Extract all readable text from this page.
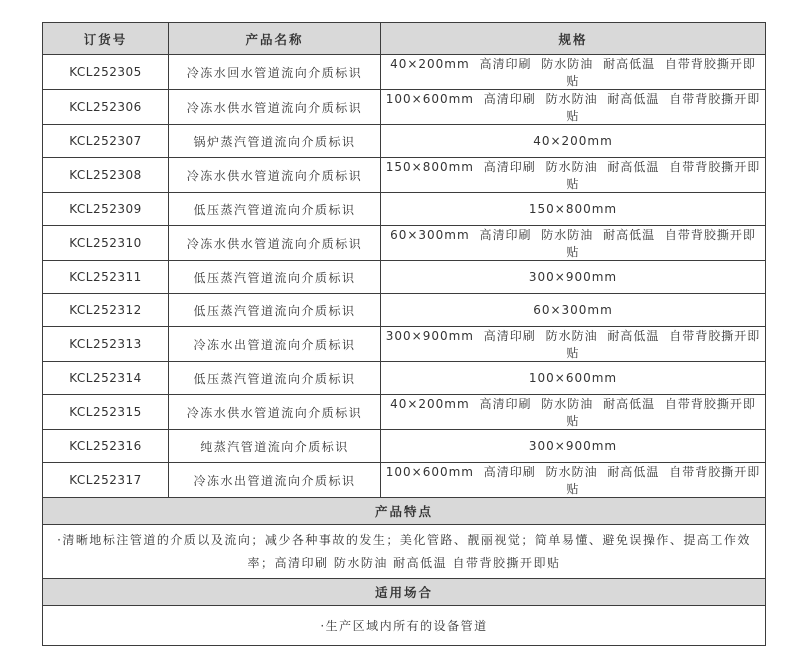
订货号	产品名称	规格
KCL252305	冷冻水回水管道流向介质标识	40×200mm 高清印刷 防水防油 耐高低温 自带背胶撕开即贴
KCL252306	冷冻水供水管道流向介质标识	100×600mm 高清印刷 防水防油 耐高低温 自带背胶撕开即贴
KCL252307	锅炉蒸汽管道流向介质标识	40×200mm
KCL252308	冷冻水供水管道流向介质标识	150×800mm 高清印刷 防水防油 耐高低温 自带背胶撕开即贴
KCL252309	低压蒸汽管道流向介质标识	150×800mm
KCL252310	冷冻水供水管道流向介质标识	60×300mm 高清印刷 防水防油 耐高低温 自带背胶撕开即贴
KCL252311	低压蒸汽管道流向介质标识	300×900mm
KCL252312	低压蒸汽管道流向介质标识	60×300mm
KCL252313	冷冻水出管道流向介质标识	300×900mm 高清印刷 防水防油 耐高低温 自带背胶撕开即贴
KCL252314	低压蒸汽管道流向介质标识	100×600mm
KCL252315	冷冻水供水管道流向介质标识	40×200mm 高清印刷 防水防油 耐高低温 自带背胶撕开即贴
KCL252316	纯蒸汽管道流向介质标识	300×900mm
KCL252317	冷冻水出管道流向介质标识	100×600mm 高清印刷 防水防油 耐高低温 自带背胶撕开即贴
产品特点		
·清晰地标注管道的介质以及流向；减少各种事故的发生；美化管路、靓丽视觉；简单易懂、避免误操作、提高工作效率；高清印刷 防水防油 耐高低温 自带背胶撕开即贴		
适用场合		
·生产区域内所有的设备管道		
